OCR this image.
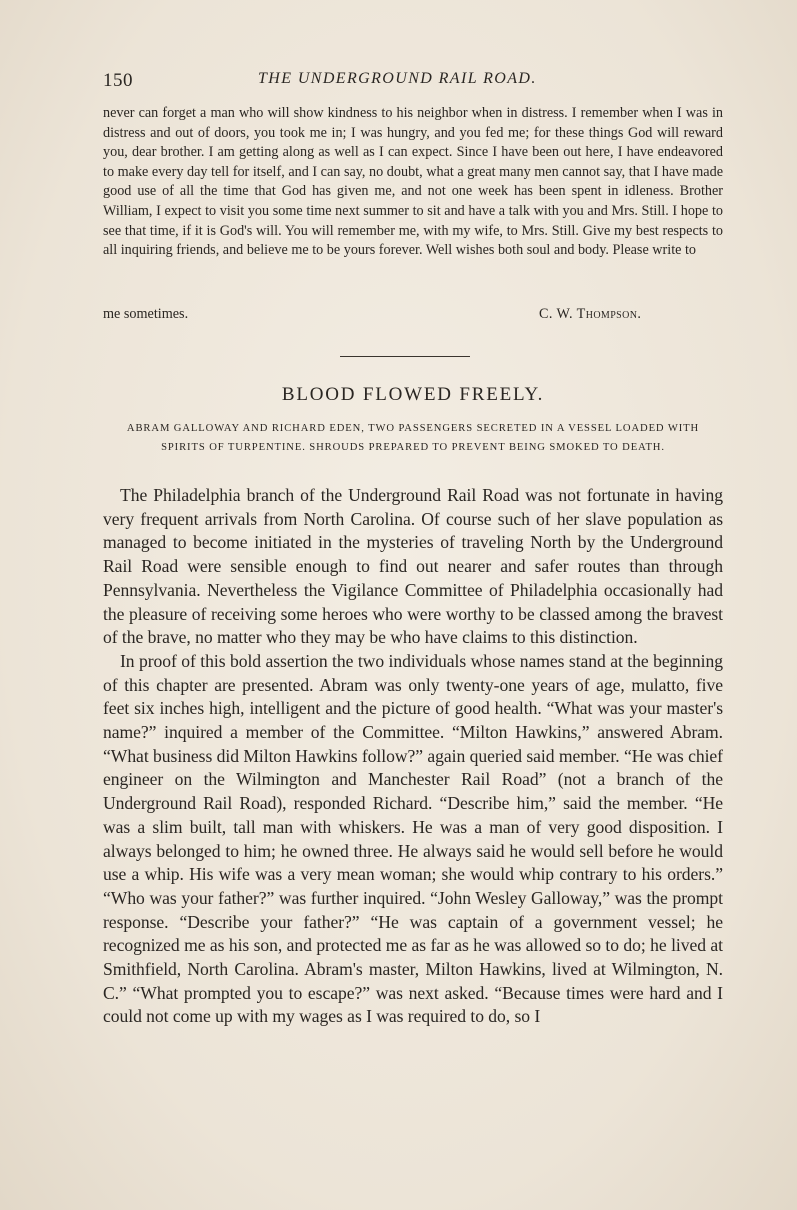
150	THE UNDERGROUND RAIL ROAD.

never can forget a man who will show kindness to his neighbor when in distress. I remember when I was in distress and out of doors, you took me in; I was hungry, and you fed me; for these things God will reward you, dear brother. I am getting along as well as I can expect. Since I have been out here, I have endeavored to make every day tell for itself, and I can say, no doubt, what a great many men cannot say, that I have made good use of all the time that God has given me, and not one week has been spent in idleness. Brother William, I expect to visit you some time next summer to sit and have a talk with you and Mrs. Still. I hope to see that time, if it is God's will. You will remember me, with my wife, to Mrs. Still. Give my best respects to all inquiring friends, and believe me to be yours forever. Well wishes both soul and body. Please write to

me sometimes.	C. W. Thompson.
BLOOD FLOWED FREELY.
ABRAM GALLOWAY AND RICHARD EDEN, TWO PASSENGERS SECRETED IN A VESSEL LOADED WITH SPIRITS OF TURPENTINE. SHROUDS PREPARED TO PREVENT BEING SMOKED TO DEATH.

The Philadelphia branch of the Underground Rail Road was not fortunate in having very frequent arrivals from North Carolina. Of course such of her slave population as managed to become initiated in the mysteries of traveling North by the Underground Rail Road were sensible enough to find out nearer and safer routes than through Pennsylvania. Nevertheless the Vigilance Committee of Philadelphia occasionally had the pleasure of receiving some heroes who were worthy to be classed among the bravest of the brave, no matter who they may be who have claims to this distinction.

In proof of this bold assertion the two individuals whose names stand at the beginning of this chapter are presented. Abram was only twenty-one years of age, mulatto, five feet six inches high, intelligent and the picture of good health. “What was your master's name?” inquired a member of the Committee. “Milton Hawkins,” answered Abram. “What business did Milton Hawkins follow?” again queried said member. “He was chief engineer on the Wilmington and Manchester Rail Road” (not a branch of the Underground Rail Road), responded Richard. “Describe him,” said the member. “He was a slim built, tall man with whiskers. He was a man of very good disposition. I always belonged to him; he owned three. He always said he would sell before he would use a whip. His wife was a very mean woman; she would whip contrary to his orders.” “Who was your father?” was further inquired. “John Wesley Galloway,” was the prompt response. “Describe your father?” “He was captain of a government vessel; he recognized me as his son, and protected me as far as he was allowed so to do; he lived at Smithfield, North Carolina. Abram's master, Milton Hawkins, lived at Wilmington, N. C.” “What prompted you to escape?” was next asked. “Because times were hard and I could not come up with my wages as I was required to do, so I
